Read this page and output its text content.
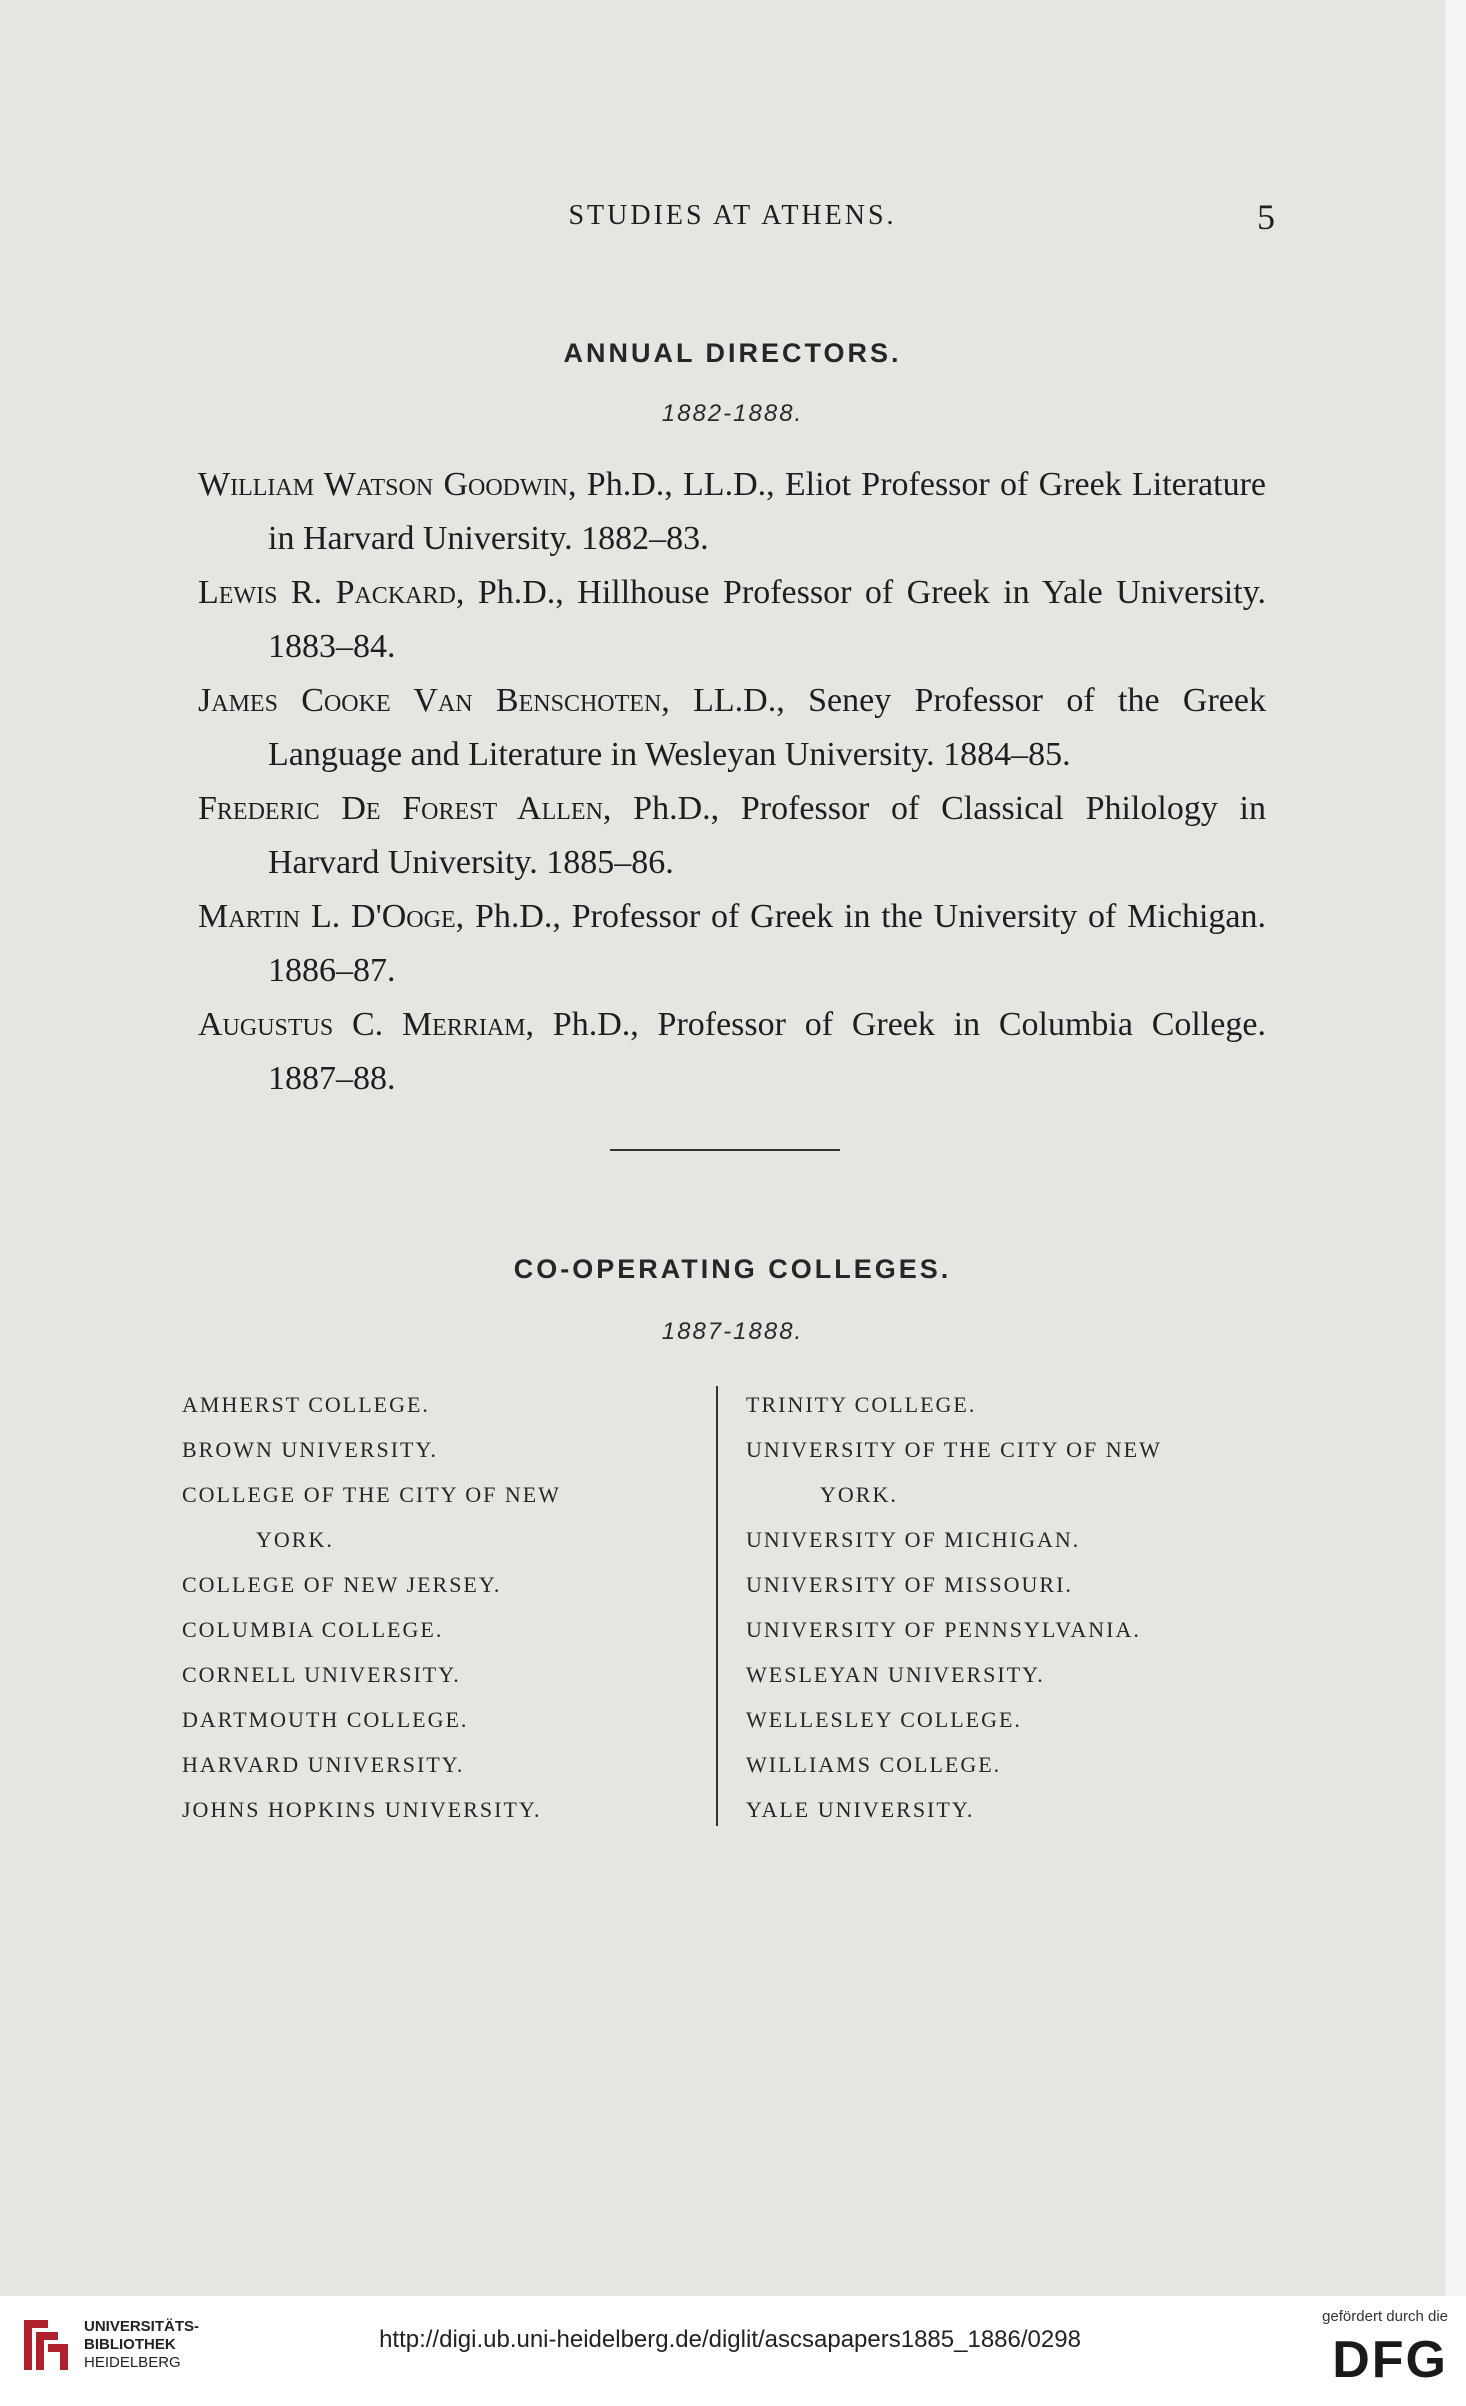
STUDIES AT ATHENS.	5
ANNUAL DIRECTORS.
1882-1888.

William Watson Goodwin, Ph.D., LL.D., Eliot Professor of Greek Literature in Harvard University. 1882–83.

Lewis R. Packard, Ph.D., Hillhouse Professor of Greek in Yale University. 1883–84.

James Cooke Van Benschoten, LL.D., Seney Professor of the Greek Language and Literature in Wesleyan University. 1884–85.

Frederic De Forest Allen, Ph.D., Professor of Classical Philology in Harvard University. 1885–86.

Martin L. D'Ooge, Ph.D., Professor of Greek in the University of Michigan. 1886–87.

Augustus C. Merriam, Ph.D., Professor of Greek in Columbia College. 1887–88.

CO-OPERATING COLLEGES.
1887-1888.
AMHERST COLLEGE.
BROWN UNIVERSITY.
COLLEGE OF THE CITY OF NEW
YORK.
COLLEGE OF NEW JERSEY.
COLUMBIA COLLEGE.
CORNELL UNIVERSITY.
DARTMOUTH COLLEGE.
HARVARD UNIVERSITY.
JOHNS HOPKINS UNIVERSITY.
TRINITY COLLEGE.
UNIVERSITY OF THE CITY OF NEW
YORK.
UNIVERSITY OF MICHIGAN.
UNIVERSITY OF MISSOURI.
UNIVERSITY OF PENNSYLVANIA.
WESLEYAN UNIVERSITY.
WELLESLEY COLLEGE.
WILLIAMS COLLEGE.
YALE UNIVERSITY.
UNIVERSITÄTS-
BIBLIOTHEK
HEIDELBERG
http://digi.ub.uni-heidelberg.de/diglit/ascsapapers1885_1886/0298
gefördert durch die
DFG
